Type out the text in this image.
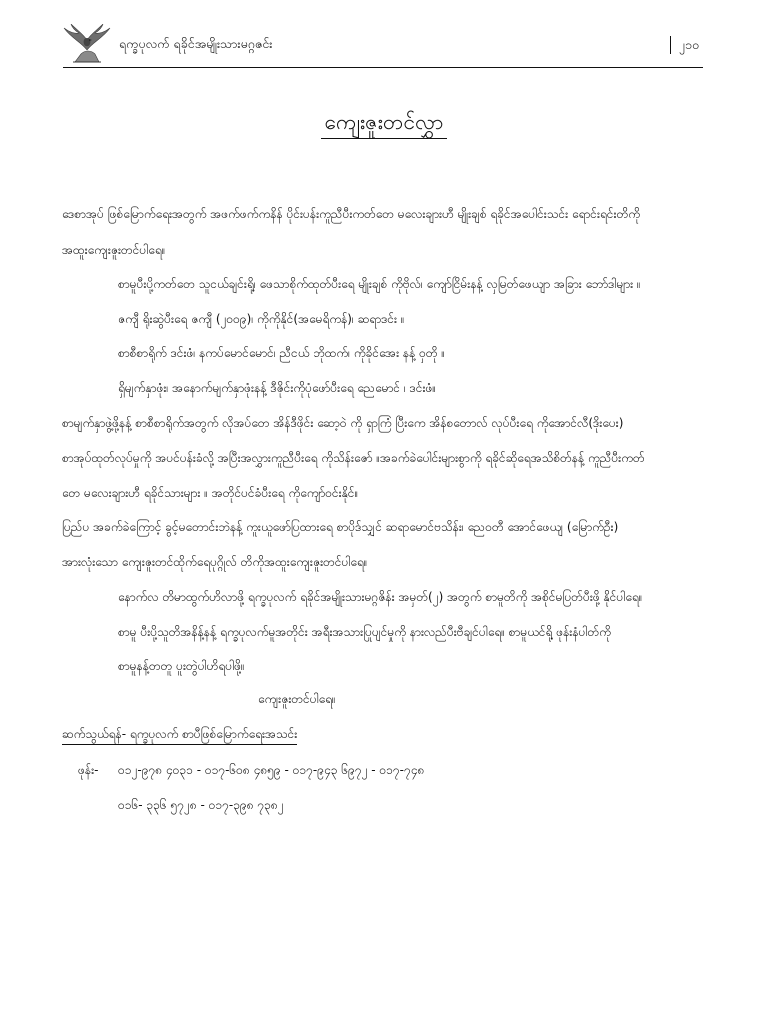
ရက္ခပုလက် ရခိုင်အမျိုးသားမဂ္ဂဇင်း	၂၁၀
ကျေးဇူးတင်လွှာ
ဒေစာအုပ် ဖြစ်မြောက်ရေးအတွက် အဖက်ဖက်ကနိန် ပိုင်းပန်းကူညီပီးကတ်တေ မလေးချားဟီ မျိုးချစ် ရခိုင်အပေါင်းသင်း ရောင်းရင်းတိကို
အထူးကျေးဇူးတင်ပါရေ။
စာမူပီးပို့ကတ်တေ သူငယ်ချင်းရို့၊ ဖေသာစိုက်ထုတ်ပီးရေ မျိုးချစ် ကိုဗိုလ်၊ ကျော်ငြိမ်းနန့် လှမြတ်ဖေယျာ အခြား ဘော်ဒါများ ။
ဇကျီ ရိုးဆွဲပီးရေ ဇကျီ (၂၀၀၉)၊ ကိုကိုနိုင်(အမေရိကန်)၊ ဆရာဒင်း ။
စာစီစာရိုက် ဒင်းဖံ၊ နကပ်မောင်မောင်၊ ညီငယ် ဘိုထက်၊ ကိုခိုင်အေး နန့် ဝှတို ။
ရှိမျက်နှာဖုံး၊ အနောက်မျက်နှာဖုံးနန့် ဒီဇိုင်းကိုပုံဖော်ပီးရေ ညေမောင် ၊ ဒင်းဖံ။
စာမျက်နှာဖွဲ့ဖို့နန့် စာစီစာရိုက်အတွက် လိုအပ်တေ အိန်ဒီဖိုင်း ဆော့ဝဲ ကို ရှာကြံ ပြီးကေ အိန်စတောလ် လုပ်ပီးရေ ကိုအောင်လီ(ဒိုးပေး)
စာအုပ်ထုတ်လုပ်မှုကို အပင်ပန်းခံလို့ အပြီးအလွှားကူညီပီးရေ ကိုသိန်းဇော် ။အခက်ခဲပေါင်းများစွာကို ရခိုင်ဆိုရေအသိစိတ်နန့် ကူညီပီးကတ်
တေ မလေးချားဟီ ရခိုင်သားများ ။ အတိုင်ပင်ခံပီးရေ ကိုကျော်ဝင်းနိုင်။
ပြည်ပ အခက်ခဲကြောင့် ခွင့်မတောင်းဘဲနန့် ကူးယူဖော်ပြထားရေ စာပိုဒ်သျှင် ဆရာမောင်ဗသိန်း၊ ညေဝတီ အောင်ဖေယျ (မြောက်ဦး)
အားလုံးသော ကျေးဇူးတင်ထိုက်ရေပုဂ္ဂိုလ် တိကိုအထူးကျေးဇူးတင်ပါရေ။
နောက်လ တိမာထွက်ဟိလာဖို့ ရက္ခပုလက် ရခိုင်အမျိုးသားမဂ္ဂဇိန်း အမှတ်(၂) အတွက် စာမူတိကို အစိုင်မပြတ်ပီးဖို့ နိုင်ပါရေ။
စာမူ ပီးပို့သူတိအနိန့်နန့် ရက္ခပုလက်မူအတိုင်း အရီးအသားပြုပျင်မှုကို နားလည်ပီးဗီချင်ပါရေ။ စာမူယင်ရို့ ဖုန်းနံပါတ်ကို
စာမူနန့်တတူ ပူးတွဲပါဟိရပါဖို့။
ကျေးဇူးတင်ပါရေ။
ဆက်သွယ်ရန်- ရက္ခပုလက် စာပီဖြစ်မြောက်ရေးအသင်း
ဖုန်း- ၀၁၂-၉၇၈ ၄၀၃၁ - ၀၁၇-၆၀၈ ၄၈၅၉ - ၀၁၇-၉၄၃ ၆၉၇၂ - ၀၁၇-၇၄၈
၀၁၆- ၃၃၆ ၅၇၂၈ - ၀၁၇-၃၉၈ ၇၃၈၂
